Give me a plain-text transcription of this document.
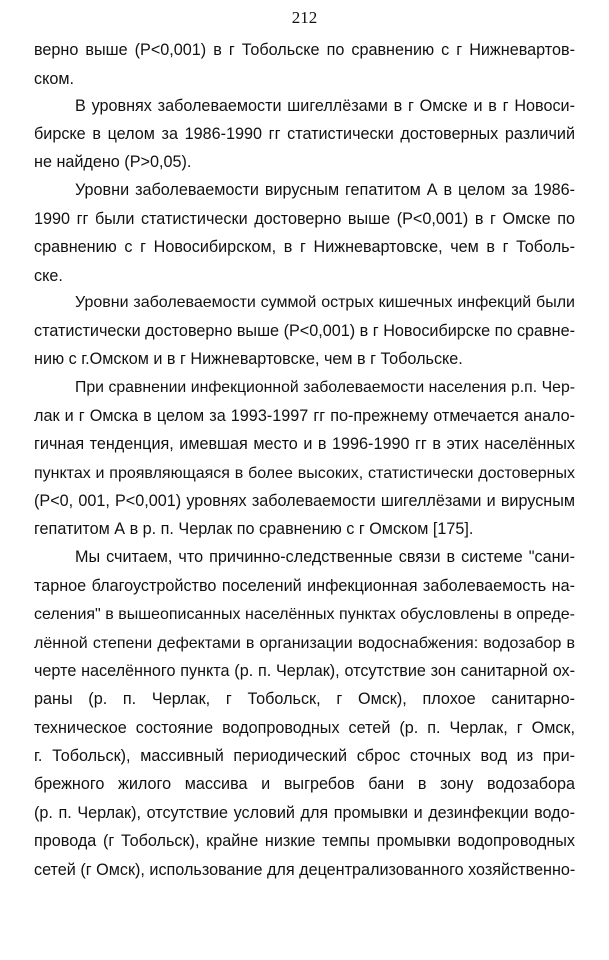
212
верно выше (P<0,001) в г Тобольске по сравнению с г Нижневартов-
ском.
В уровнях заболеваемости шигеллёзами в г Омске и в г Новоси-
бирске в целом за 1986-1990 гг статистически достоверных различий
не найдено (P>0,05).
Уровни заболеваемости вирусным гепатитом А в целом за 1986-
1990 гг были статистически достоверно выше (P<0,001) в г Омске по
сравнению с г Новосибирском, в г Нижневартовске, чем в г Тоболь-
ске.
Уровни заболеваемости суммой острых кишечных инфекций были
статистически достоверно выше (P<0,001) в г Новосибирске по сравне-
нию с г.Омском и в г Нижневартовске, чем в г Тобольске.
При сравнении инфекционной заболеваемости населения р.п. Чер-
лак и г Омска в целом за 1993-1997 гг по-прежнему отмечается анало-
гичная тенденция, имевшая место и в 1996-1990 гг в этих населённых
пунктах и проявляющаяся в более высоких, статистически достоверных
(P<0, 001, P<0,001) уровнях заболеваемости шигеллёзами и вирусным
гепатитом А в р. п. Черлак по сравнению с г Омском [175].
Мы считаем, что причинно-следственные связи в системе "сани-
тарное благоустройство поселений инфекционная заболеваемость на-
селения" в вышеописанных населённых пунктах обусловлены в опреде-
лённой степени дефектами в организации водоснабжения: водозабор в
черте населённого пункта (р. п. Черлак), отсутствие зон санитарной ох-
раны (р. п. Черлак, г Тобольск, г Омск), плохое санитарно-
техническое состояние водопроводных сетей (р. п. Черлак, г Омск,
г. Тобольск), массивный периодический сброс сточных вод из при-
брежного жилого массива и выгребов бани в зону водозабора
(р. п. Черлак), отсутствие условий для промывки и дезинфекции водо-
провода (г Тобольск), крайне низкие темпы промывки водопроводных
сетей (г Омск), использование для децентрализованного хозяйственно-
